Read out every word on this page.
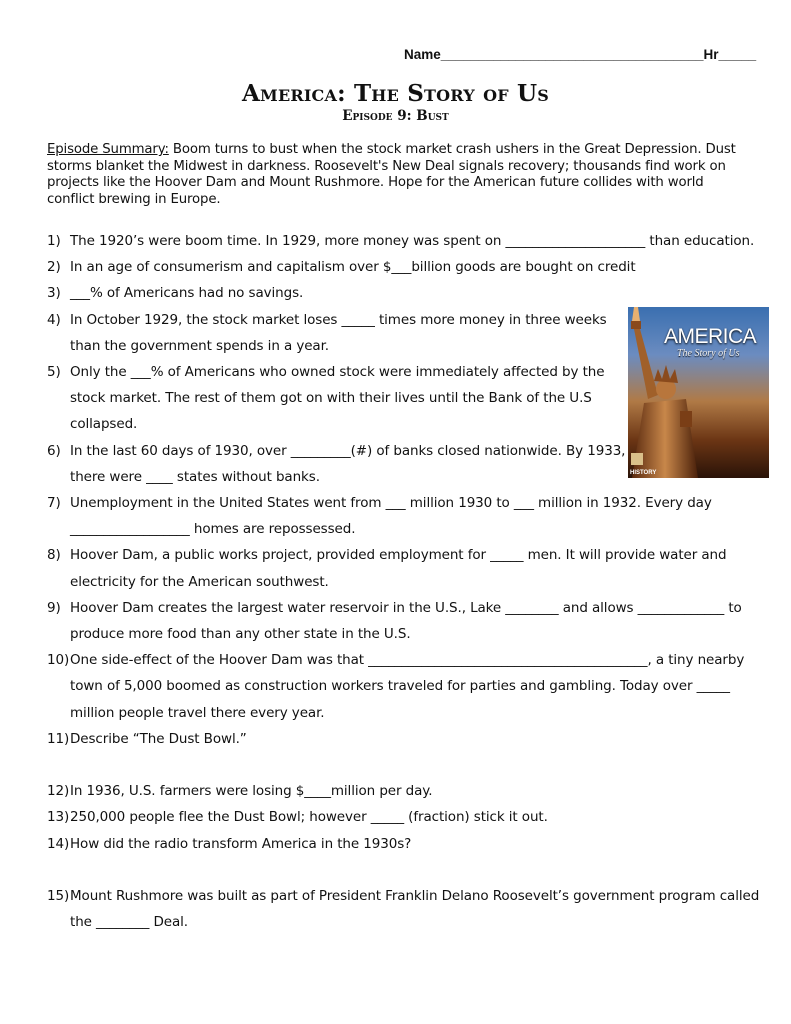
Name___________________________________Hr_____
America: The Story of Us
Episode 9: Bust
Episode Summary: Boom turns to bust when the stock market crash ushers in the Great Depression. Dust storms blanket the Midwest in darkness. Roosevelt's New Deal signals recovery; thousands find work on projects like the Hoover Dam and Mount Rushmore. Hope for the American future collides with world conflict brewing in Europe.
1) The 1920’s were boom time. In 1929, more money was spent on _____________________ than education.
2) In an age of consumerism and capitalism over $___billion goods are bought on credit
3) ___% of Americans had no savings.
4) In October 1929, the stock market loses _____ times more money in three weeks than the government spends in a year.
5) Only the ___% of Americans who owned stock were immediately affected by the stock market. The rest of them got on with their lives until the Bank of the U.S collapsed.
6) In the last 60 days of 1930, over _________(#) of banks closed nationwide. By 1933, there were ____ states without banks.
7) Unemployment in the United States went from ___ million 1930 to ___ million in 1932. Every day __________________ homes are repossessed.
8) Hoover Dam, a public works project, provided employment for _____ men. It will provide water and electricity for the American southwest.
9) Hoover Dam creates the largest water reservoir in the U.S., Lake ________ and allows _____________ to produce more food than any other state in the U.S.
10) One side-effect of the Hoover Dam was that __________________________________________, a tiny nearby town of 5,000 boomed as construction workers traveled for parties and gambling. Today over _____ million people travel there every year.
11) Describe “The Dust Bowl.”
12) In 1936, U.S. farmers were losing $____million per day.
13) 250,000 people flee the Dust Bowl; however _____ (fraction) stick it out.
14) How did the radio transform America in the 1930s?
15) Mount Rushmore was built as part of President Franklin Delano Roosevelt’s government program called the ________ Deal.
AMERICA
The Story of Us
HISTORY
